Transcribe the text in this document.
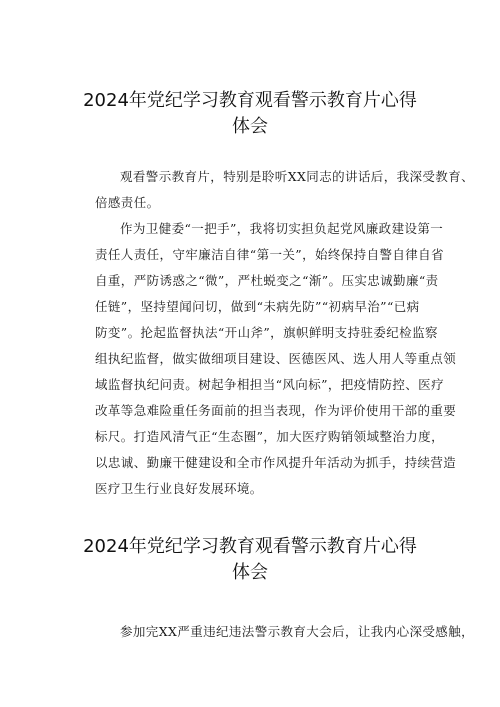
2024年党纪学习教育观看警示教育片心得
体会
观看警示教育片，特别是聆听XX同志的讲话后，我深受教育、
倍感责任。
作为卫健委“一把手”，我将切实担负起党风廉政建设第一
责任人责任，守牢廉洁自律“第一关”，始终保持自警自律自省
自重，严防诱惑之“微”，严杜蜕变之“渐”。压实忠诚勤廉“责
任链”，坚持望闻问切，做到“未病先防”“初病早治”“已病
防变”。抡起监督执法“开山斧”，旗帜鲜明支持驻委纪检监察
组执纪监督，做实做细项目建设、医德医风、选人用人等重点领
域监督执纪问责。树起争相担当“风向标”，把疫情防控、医疗
改革等急难险重任务面前的担当表现，作为评价使用干部的重要
标尺。打造风清气正“生态圈”，加大医疗购销领域整治力度，
以忠诚、勤廉干健建设和全市作风提升年活动为抓手，持续营造
医疗卫生行业良好发展环境。
2024年党纪学习教育观看警示教育片心得
体会
参加完XX严重违纪违法警示教育大会后，让我内心深受感触，
